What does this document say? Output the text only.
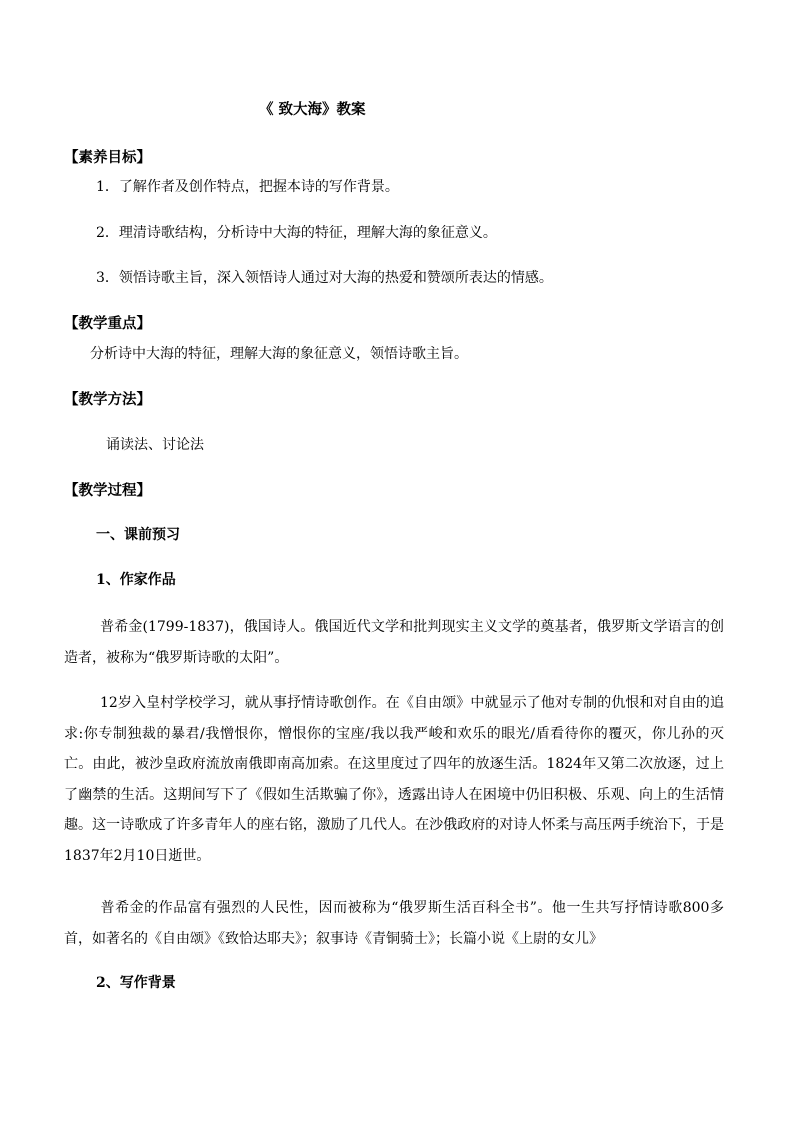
《 致大海》教案
【素养目标】
1．了解作者及创作特点，把握本诗的写作背景。
2．理清诗歌结构，分析诗中大海的特征，理解大海的象征意义。
3．领悟诗歌主旨，深入领悟诗人通过对大海的热爱和赞颂所表达的情感。
【教学重点】
分析诗中大海的特征，理解大海的象征意义，领悟诗歌主旨。
【教学方法】
诵读法、讨论法
【教学过程】
一、课前预习
1、作家作品
普希金(1799-1837)，俄国诗人。俄国近代文学和批判现实主义文学的奠基者，俄罗斯文学语言的创造者，被称为“俄罗斯诗歌的太阳”。
12岁入皇村学校学习，就从事抒情诗歌创作。在《自由颂》中就显示了他对专制的仇恨和对自由的追求:你专制独裁的暴君/我憎恨你，憎恨你的宝座/我以我严峻和欢乐的眼光/盾看待你的覆灭，你儿孙的灭亡。由此，被沙皇政府流放南俄即南高加索。在这里度过了四年的放逐生活。1824年又第二次放逐，过上了幽禁的生活。这期间写下了《假如生活欺骗了你》，透露出诗人在困境中仍旧积极、乐观、向上的生活情趣。这一诗歌成了许多青年人的座右铭，激励了几代人。在沙俄政府的对诗人怀柔与高压两手统治下，于是1837年2月10日逝世。
普希金的作品富有强烈的人民性，因而被称为“俄罗斯生活百科全书”。他一生共写抒情诗歌800多首，如著名的《自由颂》《致恰达耶夫》；叙事诗《青铜骑士》；长篇小说《上尉的女儿》
2、写作背景
